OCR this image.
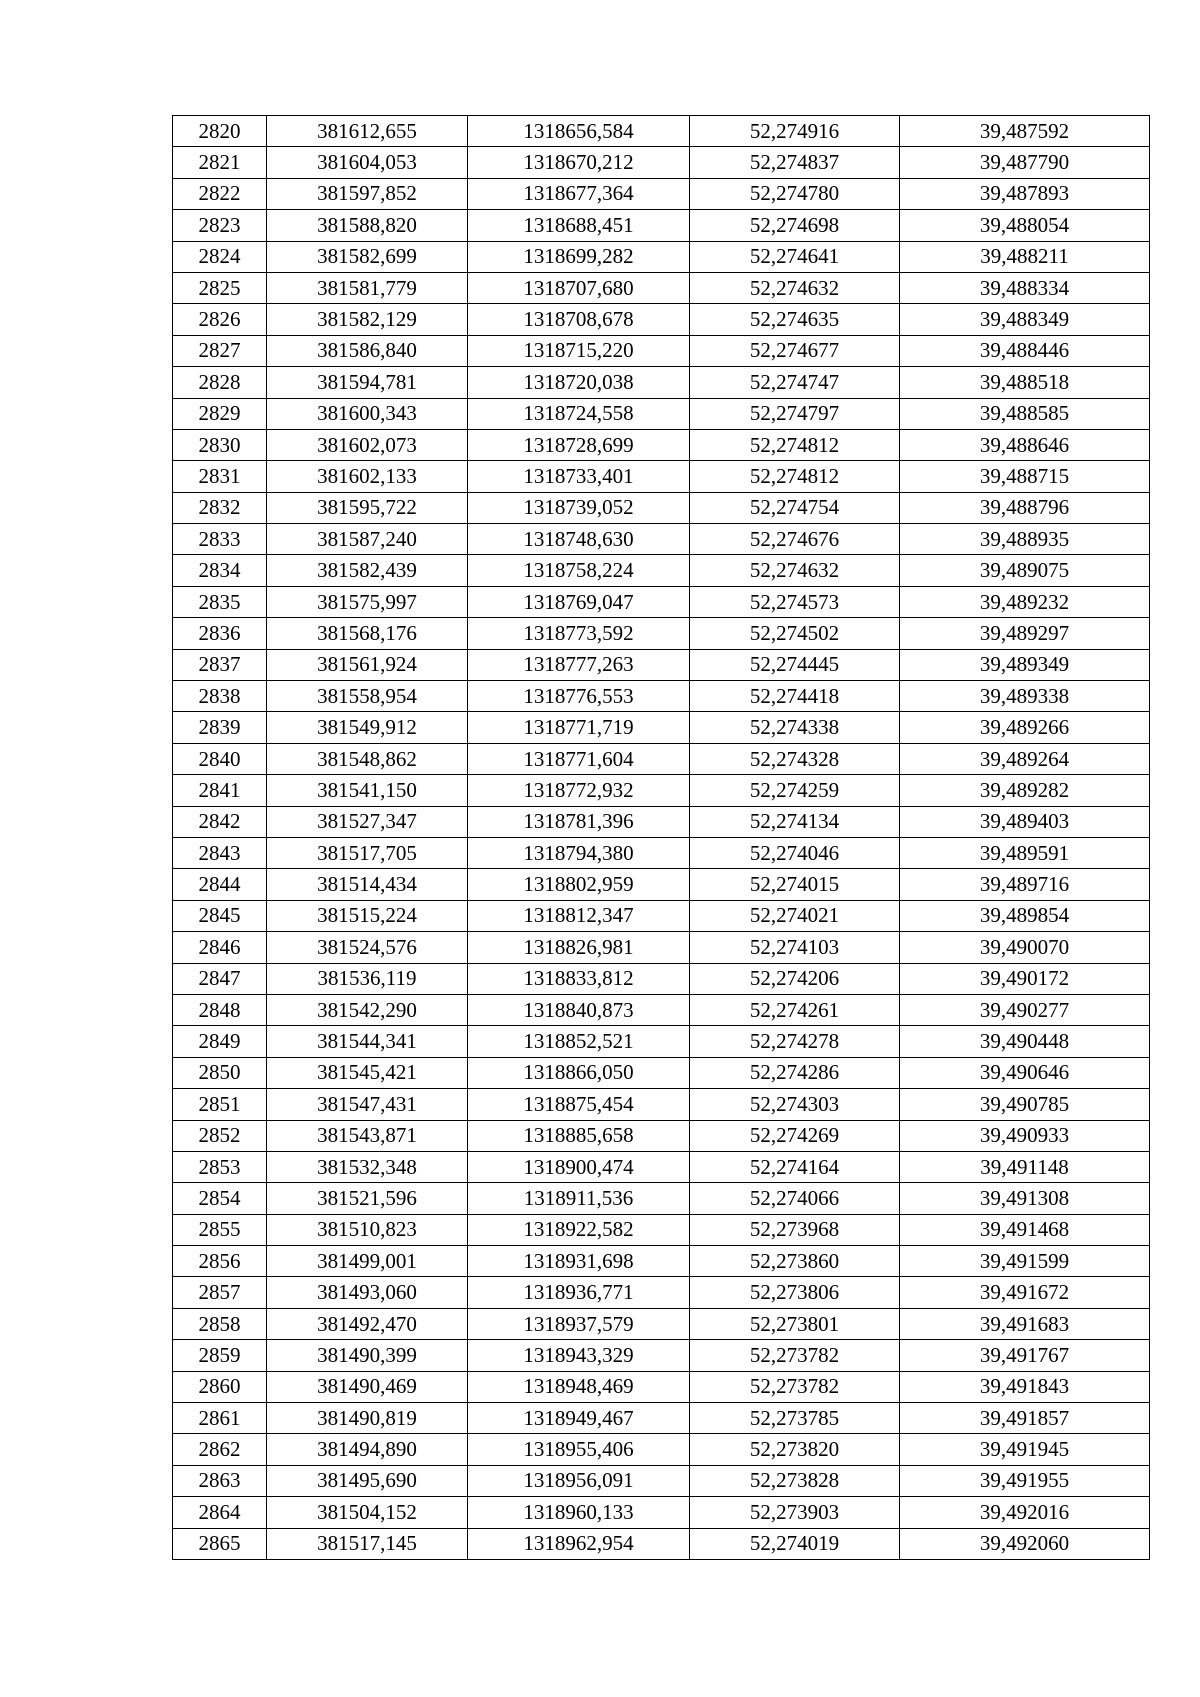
2820	381612,655	1318656,584	52,274916	39,487592
2821	381604,053	1318670,212	52,274837	39,487790
2822	381597,852	1318677,364	52,274780	39,487893
2823	381588,820	1318688,451	52,274698	39,488054
2824	381582,699	1318699,282	52,274641	39,488211
2825	381581,779	1318707,680	52,274632	39,488334
2826	381582,129	1318708,678	52,274635	39,488349
2827	381586,840	1318715,220	52,274677	39,488446
2828	381594,781	1318720,038	52,274747	39,488518
2829	381600,343	1318724,558	52,274797	39,488585
2830	381602,073	1318728,699	52,274812	39,488646
2831	381602,133	1318733,401	52,274812	39,488715
2832	381595,722	1318739,052	52,274754	39,488796
2833	381587,240	1318748,630	52,274676	39,488935
2834	381582,439	1318758,224	52,274632	39,489075
2835	381575,997	1318769,047	52,274573	39,489232
2836	381568,176	1318773,592	52,274502	39,489297
2837	381561,924	1318777,263	52,274445	39,489349
2838	381558,954	1318776,553	52,274418	39,489338
2839	381549,912	1318771,719	52,274338	39,489266
2840	381548,862	1318771,604	52,274328	39,489264
2841	381541,150	1318772,932	52,274259	39,489282
2842	381527,347	1318781,396	52,274134	39,489403
2843	381517,705	1318794,380	52,274046	39,489591
2844	381514,434	1318802,959	52,274015	39,489716
2845	381515,224	1318812,347	52,274021	39,489854
2846	381524,576	1318826,981	52,274103	39,490070
2847	381536,119	1318833,812	52,274206	39,490172
2848	381542,290	1318840,873	52,274261	39,490277
2849	381544,341	1318852,521	52,274278	39,490448
2850	381545,421	1318866,050	52,274286	39,490646
2851	381547,431	1318875,454	52,274303	39,490785
2852	381543,871	1318885,658	52,274269	39,490933
2853	381532,348	1318900,474	52,274164	39,491148
2854	381521,596	1318911,536	52,274066	39,491308
2855	381510,823	1318922,582	52,273968	39,491468
2856	381499,001	1318931,698	52,273860	39,491599
2857	381493,060	1318936,771	52,273806	39,491672
2858	381492,470	1318937,579	52,273801	39,491683
2859	381490,399	1318943,329	52,273782	39,491767
2860	381490,469	1318948,469	52,273782	39,491843
2861	381490,819	1318949,467	52,273785	39,491857
2862	381494,890	1318955,406	52,273820	39,491945
2863	381495,690	1318956,091	52,273828	39,491955
2864	381504,152	1318960,133	52,273903	39,492016
2865	381517,145	1318962,954	52,274019	39,492060
